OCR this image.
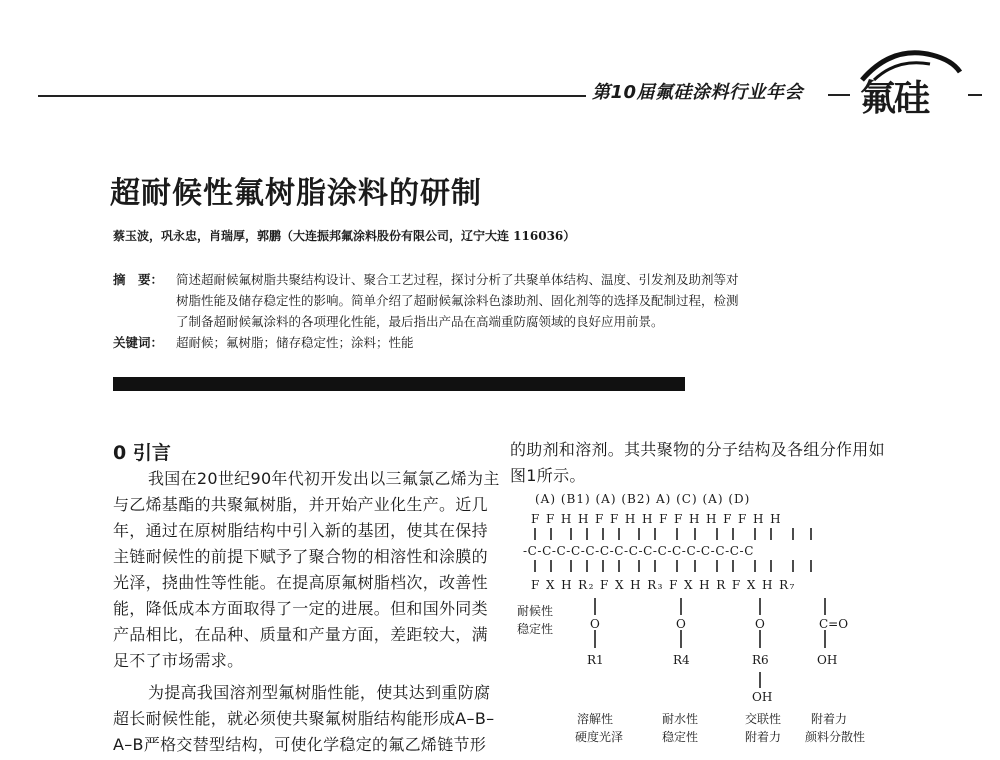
第10届氟硅涂料行业年会 氟硅
超耐候性氟树脂涂料的研制
蔡玉波，巩永忠，肖瑞厚，郭鹏（大连振邦氟涂料股份有限公司，辽宁大连 116036）
摘　要： 简述超耐候氟树脂共聚结构设计、聚合工艺过程，探讨分析了共聚单体结构、温度、引发剂及助剂等对
树脂性能及储存稳定性的影响。简单介绍了超耐候氟涂料色漆助剂、固化剂等的选择及配制过程，检测
了制备超耐候氟涂料的各项理化性能，最后指出产品在高端重防腐领域的良好应用前景。
关键词： 超耐候；氟树脂；储存稳定性；涂料；性能
0 引言
我国在20世纪90年代初开发出以三氟氯乙烯为主
与乙烯基酯的共聚氟树脂，并开始产业化生产。近几
年，通过在原树脂结构中引入新的基团，使其在保持
主链耐候性的前提下赋予了聚合物的相溶性和涂膜的
光泽，挠曲性等性能。在提高原氟树脂档次，改善性
能，降低成本方面取得了一定的进展。但和国外同类
产品相比，在品种、质量和产量方面，差距较大，满
足不了市场需求。
为提高我国溶剂型氟树脂性能，使其达到重防腐
超长耐候性能，就必须使共聚氟树脂结构能形成A–B–
A–B严格交替型结构，可使化学稳定的氟乙烯链节形
的助剂和溶剂。其共聚物的分子结构及各组分作用如
图1所示。
(A) (B1) (A) (B2) A) (C) (A) (D)
F F H H F F H H F F H H F F H H
-C-C-C-C-C-C-C-C-C-C-C-C-C-C-C-C
F X H R₂ F X H R₃ F X H R F X H R₇
耐候性
稳定性	O	O	O	C=O
R1	R4	R6	OH
OH
溶解性	耐水性	交联性 附着力
硬度光泽	稳定性	附着力 颜料分散性
